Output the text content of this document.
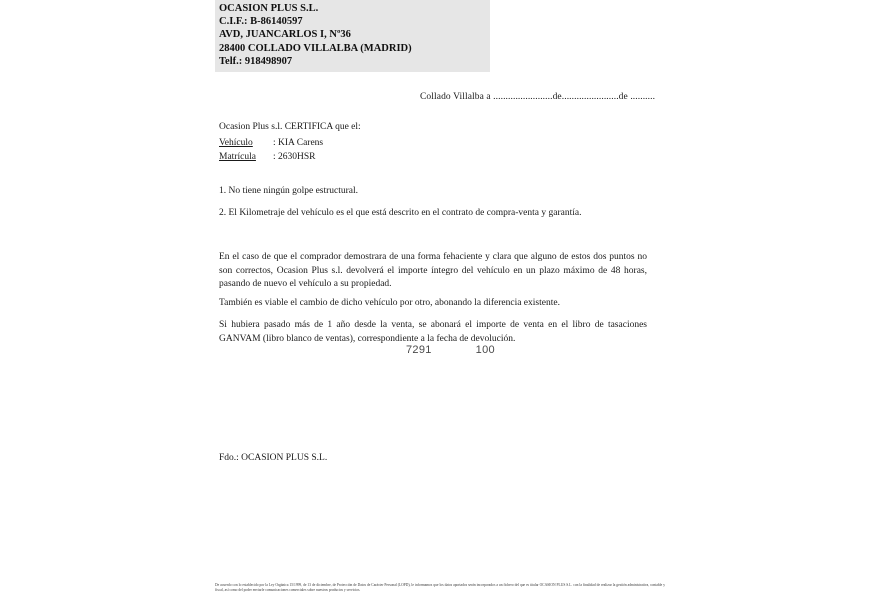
OCASION PLUS S.L.
C.I.F.: B-86140597
AVD, JUANCARLOS I, Nº36
28400 COLLADO VILLALBA (MADRID)
Telf.: 918498907
Collado Villalba a ........................de.......................de ..........
Ocasion Plus s.l. CERTIFICA que el:
Vehículo : KIA Carens
Matrícula : 2630HSR
1. No tiene ningún golpe estructural.
2. El Kilometraje del vehículo es el que está descrito en el contrato de compra-venta y garantía.
En el caso de que el comprador demostrara de una forma fehaciente y clara que alguno de estos dos puntos no son correctos, Ocasion Plus s.l. devolverá el importe íntegro del vehículo en un plazo máximo de 48 horas, pasando de nuevo el vehículo a su propiedad.
También es viable el cambio de dicho vehículo por otro, abonando la diferencia existente.
Si hubiera pasado más de 1 año desde la venta, se abonará el importe de venta en el libro de tasaciones GANVAM (libro blanco de ventas), correspondiente a la fecha de devolución.
7291	100
Fdo.: OCASION PLUS S.L.
De acuerdo con lo establecido por la Ley Orgánica 15/1999, de 13 de diciembre, de Protección de Datos de Carácter Personal (LOPD), le informamos que los datos aportados serán incorporados a un fichero del que es titular OCASION PLUS S.L. con la finalidad de realizar la gestión administrativa, contable y fiscal, así como del poder enviarle comunicaciones comerciales sobre nuestros productos y servicios.
